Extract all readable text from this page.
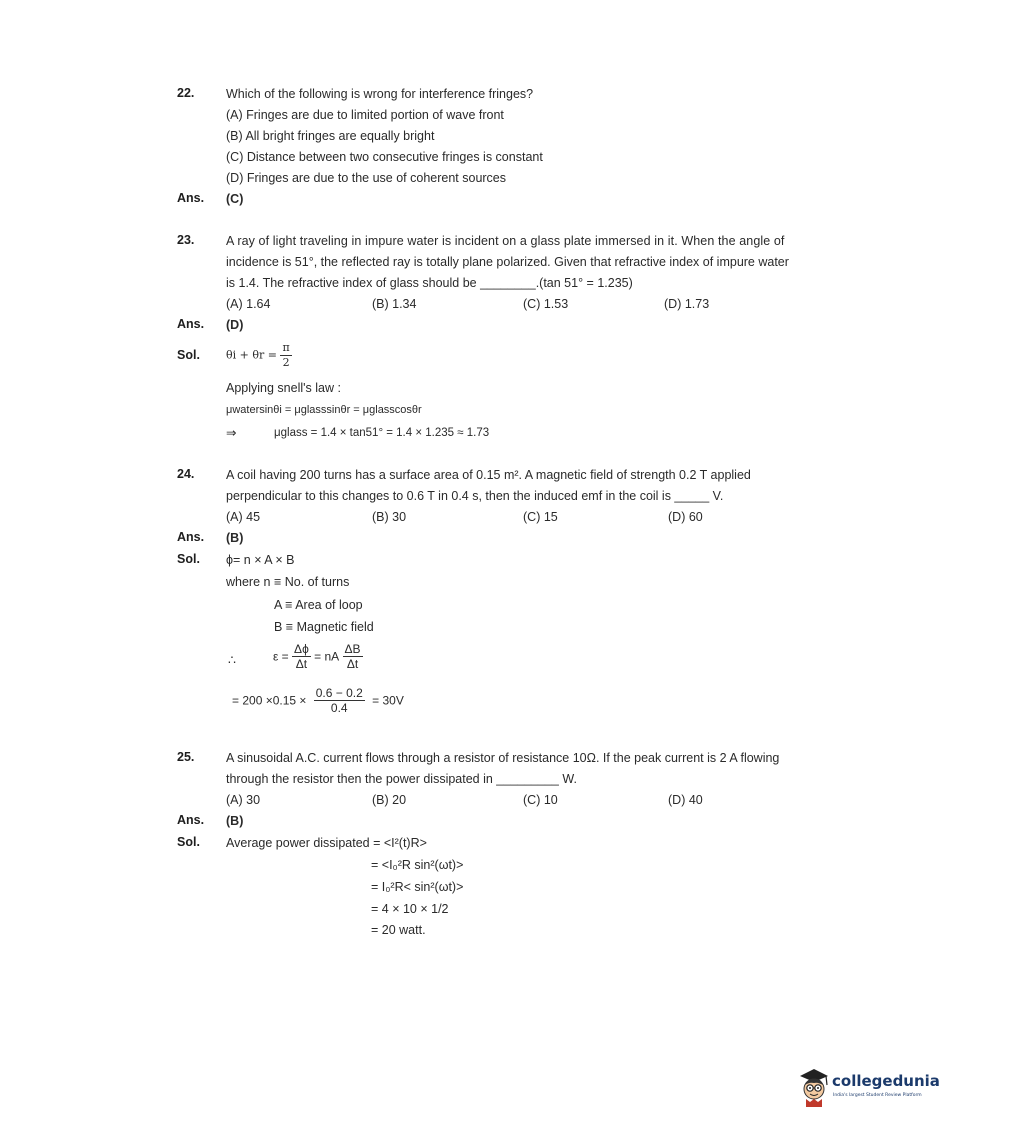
22.	Which of the following is wrong for interference fringes?
(A) Fringes are due to limited portion of wave front
(B) All bright fringes are equally bright
(C) Distance between two consecutive fringes is constant
(D) Fringes are due to the use of coherent sources
Ans. (C)
23.	A ray of light traveling in impure water is incident on a glass plate immersed in it. When the angle of
incidence is 51°, the reflected ray is totally plane polarized. Given that refractive index of impure water
is 1.4. The refractive index of glass should be ________.(tan 51° = 1.235)
(A) 1.64	(B) 1.34	(C) 1.53	(D) 1.73
Ans. (D)
Sol. $\theta i + \theta r = \frac{\pi}{2}$
Applying snell's law :
μwatersinθi = μglasssinθr = μglasscosθr
⇒	μglass = 1.4 × tan51° = 1.4 × 1.235 ≈ 1.73
24.	A coil having 200 turns has a surface area of 0.15 m². A magnetic field of strength 0.2 T applied
perpendicular to this changes to 0.6 T in 0.4 s, then the induced emf in the coil is _____ V.
(A) 45	(B) 30	(C) 15	(D) 60
Ans. (B)
Sol. ϕ= n × A × B
where n ≡ No. of turns
A ≡ Area of loop
B ≡ Magnetic field
∴	$\varepsilon = \frac{\Delta\phi}{\Delta t}$ = nA $\frac{\Delta B}{\Delta t}$
= $200 \times 0.15 \times \frac{0.6 - 0.2}{0.4} = 30V$
25.	A sinusoidal A.C. current flows through a resistor of resistance 10Ω. If the peak current is 2 A flowing
through the resistor then the power dissipated in _________ W.
(A) 30	(B) 20	(C) 10	(D) 40
Ans. (B)
Sol. Average power dissipated = <I²(t)R>
= <I₀²R sin²(ωt)>
= I₀²R< sin²(ωt)>
= 4 × 10 × 1/2
= 20 watt.
collegedunia
India's largest Student Review Platform
